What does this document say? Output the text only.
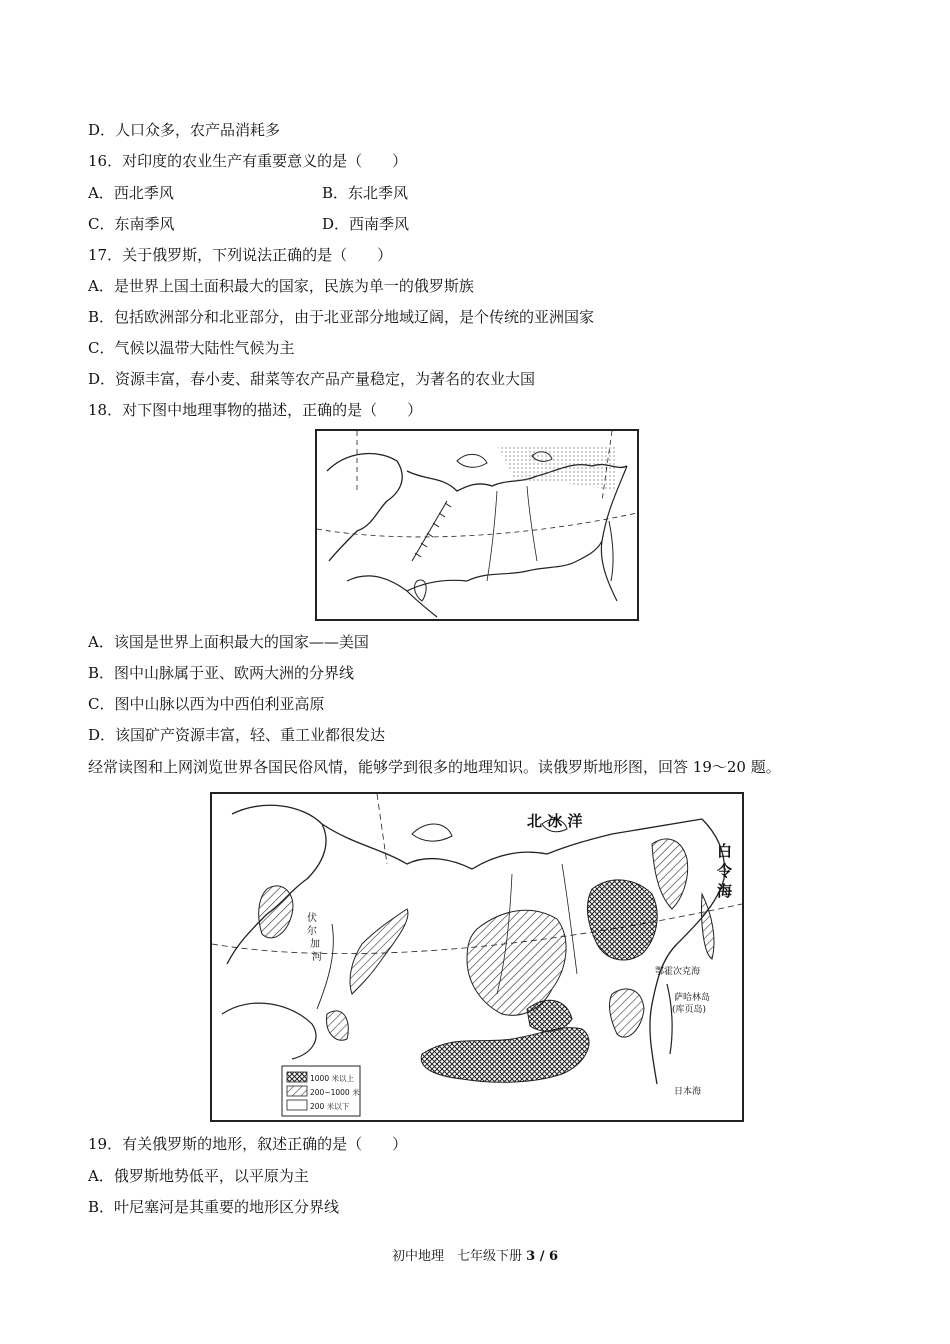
D．人口众多，农产品消耗多
16．对印度的农业生产有重要意义的是（　　）
A．西北季风	B．东北季风
C．东南季风	D．西南季风
17．关于俄罗斯，下列说法正确的是（　　）
A．是世界上国土面积最大的国家，民族为单一的俄罗斯族
B．包括欧洲部分和北亚部分，由于北亚部分地域辽阔，是个传统的亚洲国家
C．气候以温带大陆性气候为主
D．资源丰富，春小麦、甜菜等农产品产量稳定，为著名的农业大国
18．对下图中地理事物的描述，正确的是（　　）
A．该国是世界上面积最大的国家——美国
B．图中山脉属于亚、欧两大洲的分界线
C．图中山脉以西为中西伯利亚高原
D．该国矿产资源丰富，轻、重工业都很发达
经常读图和上网浏览世界各国民俗风情，能够学到很多的地理知识。读俄罗斯地形图，回答 19～20 题。
北 冰 洋
白
令
海
鄂霍次克海
萨哈林岛
(库页岛)
日本海
伏
尔
加
河
1000 米以上
200~1000 米
200 米以下
19．有关俄罗斯的地形，叙述正确的是（　　）
A．俄罗斯地势低平，以平原为主
B．叶尼塞河是其重要的地形区分界线
初中地理　七年级下册 3 / 6
